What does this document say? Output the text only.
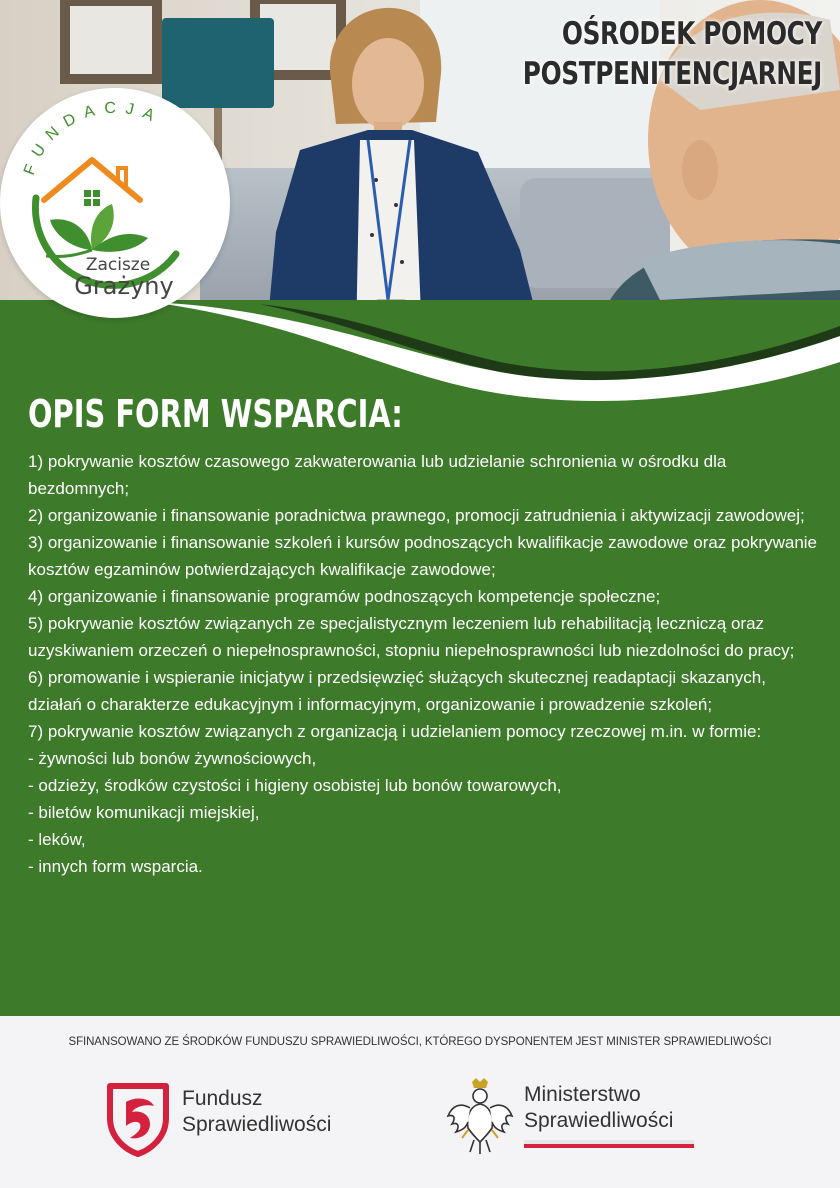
OŚRODEK POMOCY
POSTPENITENCJARNEJ
FUNDACJA
Zacisze
Grażyny
OPIS FORM WSPARCIA:
1) pokrywanie kosztów czasowego zakwaterowania lub udzielanie schronienia w ośrodku dla bezdomnych;
2) organizowanie i finansowanie poradnictwa prawnego, promocji zatrudnienia i aktywizacji zawodowej;
3) organizowanie i finansowanie szkoleń i kursów podnoszących kwalifikacje zawodowe oraz pokrywanie kosztów egzaminów potwierdzających kwalifikacje zawodowe;
4) organizowanie i finansowanie programów podnoszących kompetencje społeczne;
5) pokrywanie kosztów związanych ze specjalistycznym leczeniem lub rehabilitacją leczniczą oraz uzyskiwaniem orzeczeń o niepełnosprawności, stopniu niepełnosprawności lub niezdolności do pracy;
6) promowanie i wspieranie inicjatyw i przedsięwzięć służących skutecznej readaptacji skazanych, działań o charakterze edukacyjnym i informacyjnym, organizowanie i prowadzenie szkoleń;
7) pokrywanie kosztów związanych z organizacją i udzielaniem pomocy rzeczowej m.in. w formie:
- żywności lub bonów żywnościowych,
- odzieży, środków czystości i higieny osobistej lub bonów towarowych,
- biletów komunikacji miejskiej,
- leków,
- innych form wsparcia.
SFINANSOWANO ZE ŚRODKÓW FUNDUSZU SPRAWIEDLIWOŚCI, KTÓREGO DYSPONENTEM JEST MINISTER SPRAWIEDLIWOŚCI
Fundusz
Sprawiedliwości
Ministerstwo
Sprawiedliwości
